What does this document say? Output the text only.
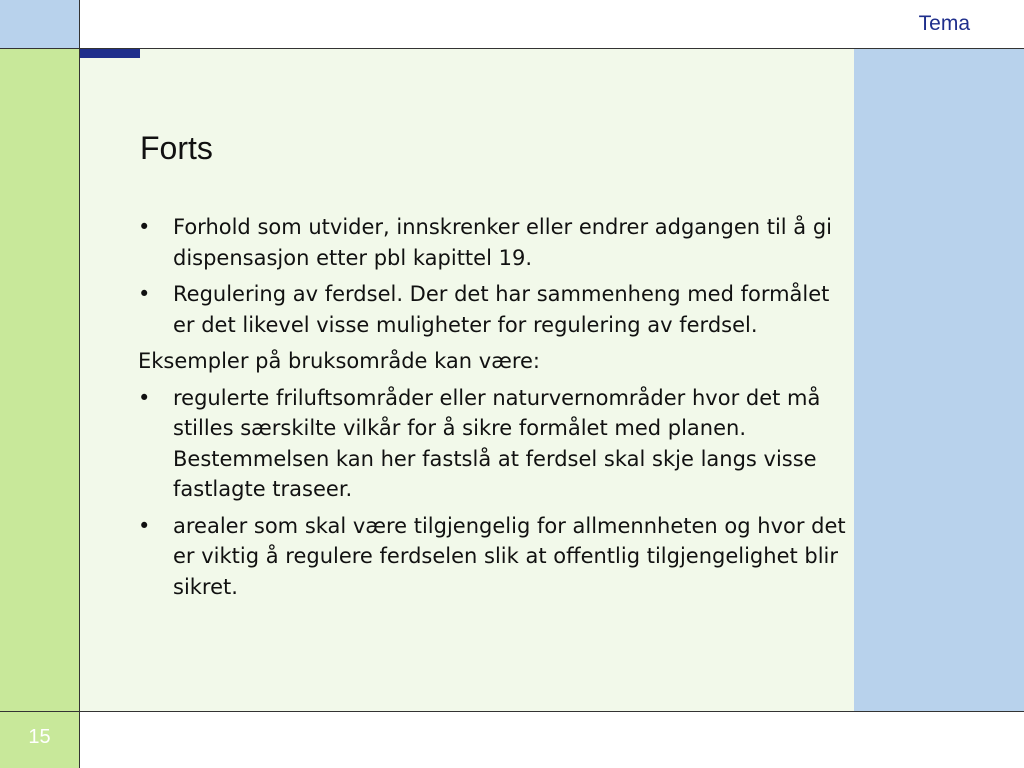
Tema
15
Forts
•	Forhold som utvider, innskrenker eller endrer adgangen til å gi dispensasjon etter pbl kapittel 19.
•	Regulering av ferdsel. Der det har sammenheng med formålet er det likevel visse muligheter for regulering av ferdsel.
Eksempler på bruksområde kan være:
•	regulerte friluftsområder eller naturvernområder hvor det må stilles særskilte vilkår for å sikre formålet med planen. Bestemmelsen kan her fastslå at ferdsel skal skje langs visse fastlagte traseer.
•	arealer som skal være tilgjengelig for allmennheten og hvor det er viktig å regulere ferdselen slik at offentlig tilgjengelighet blir sikret.
